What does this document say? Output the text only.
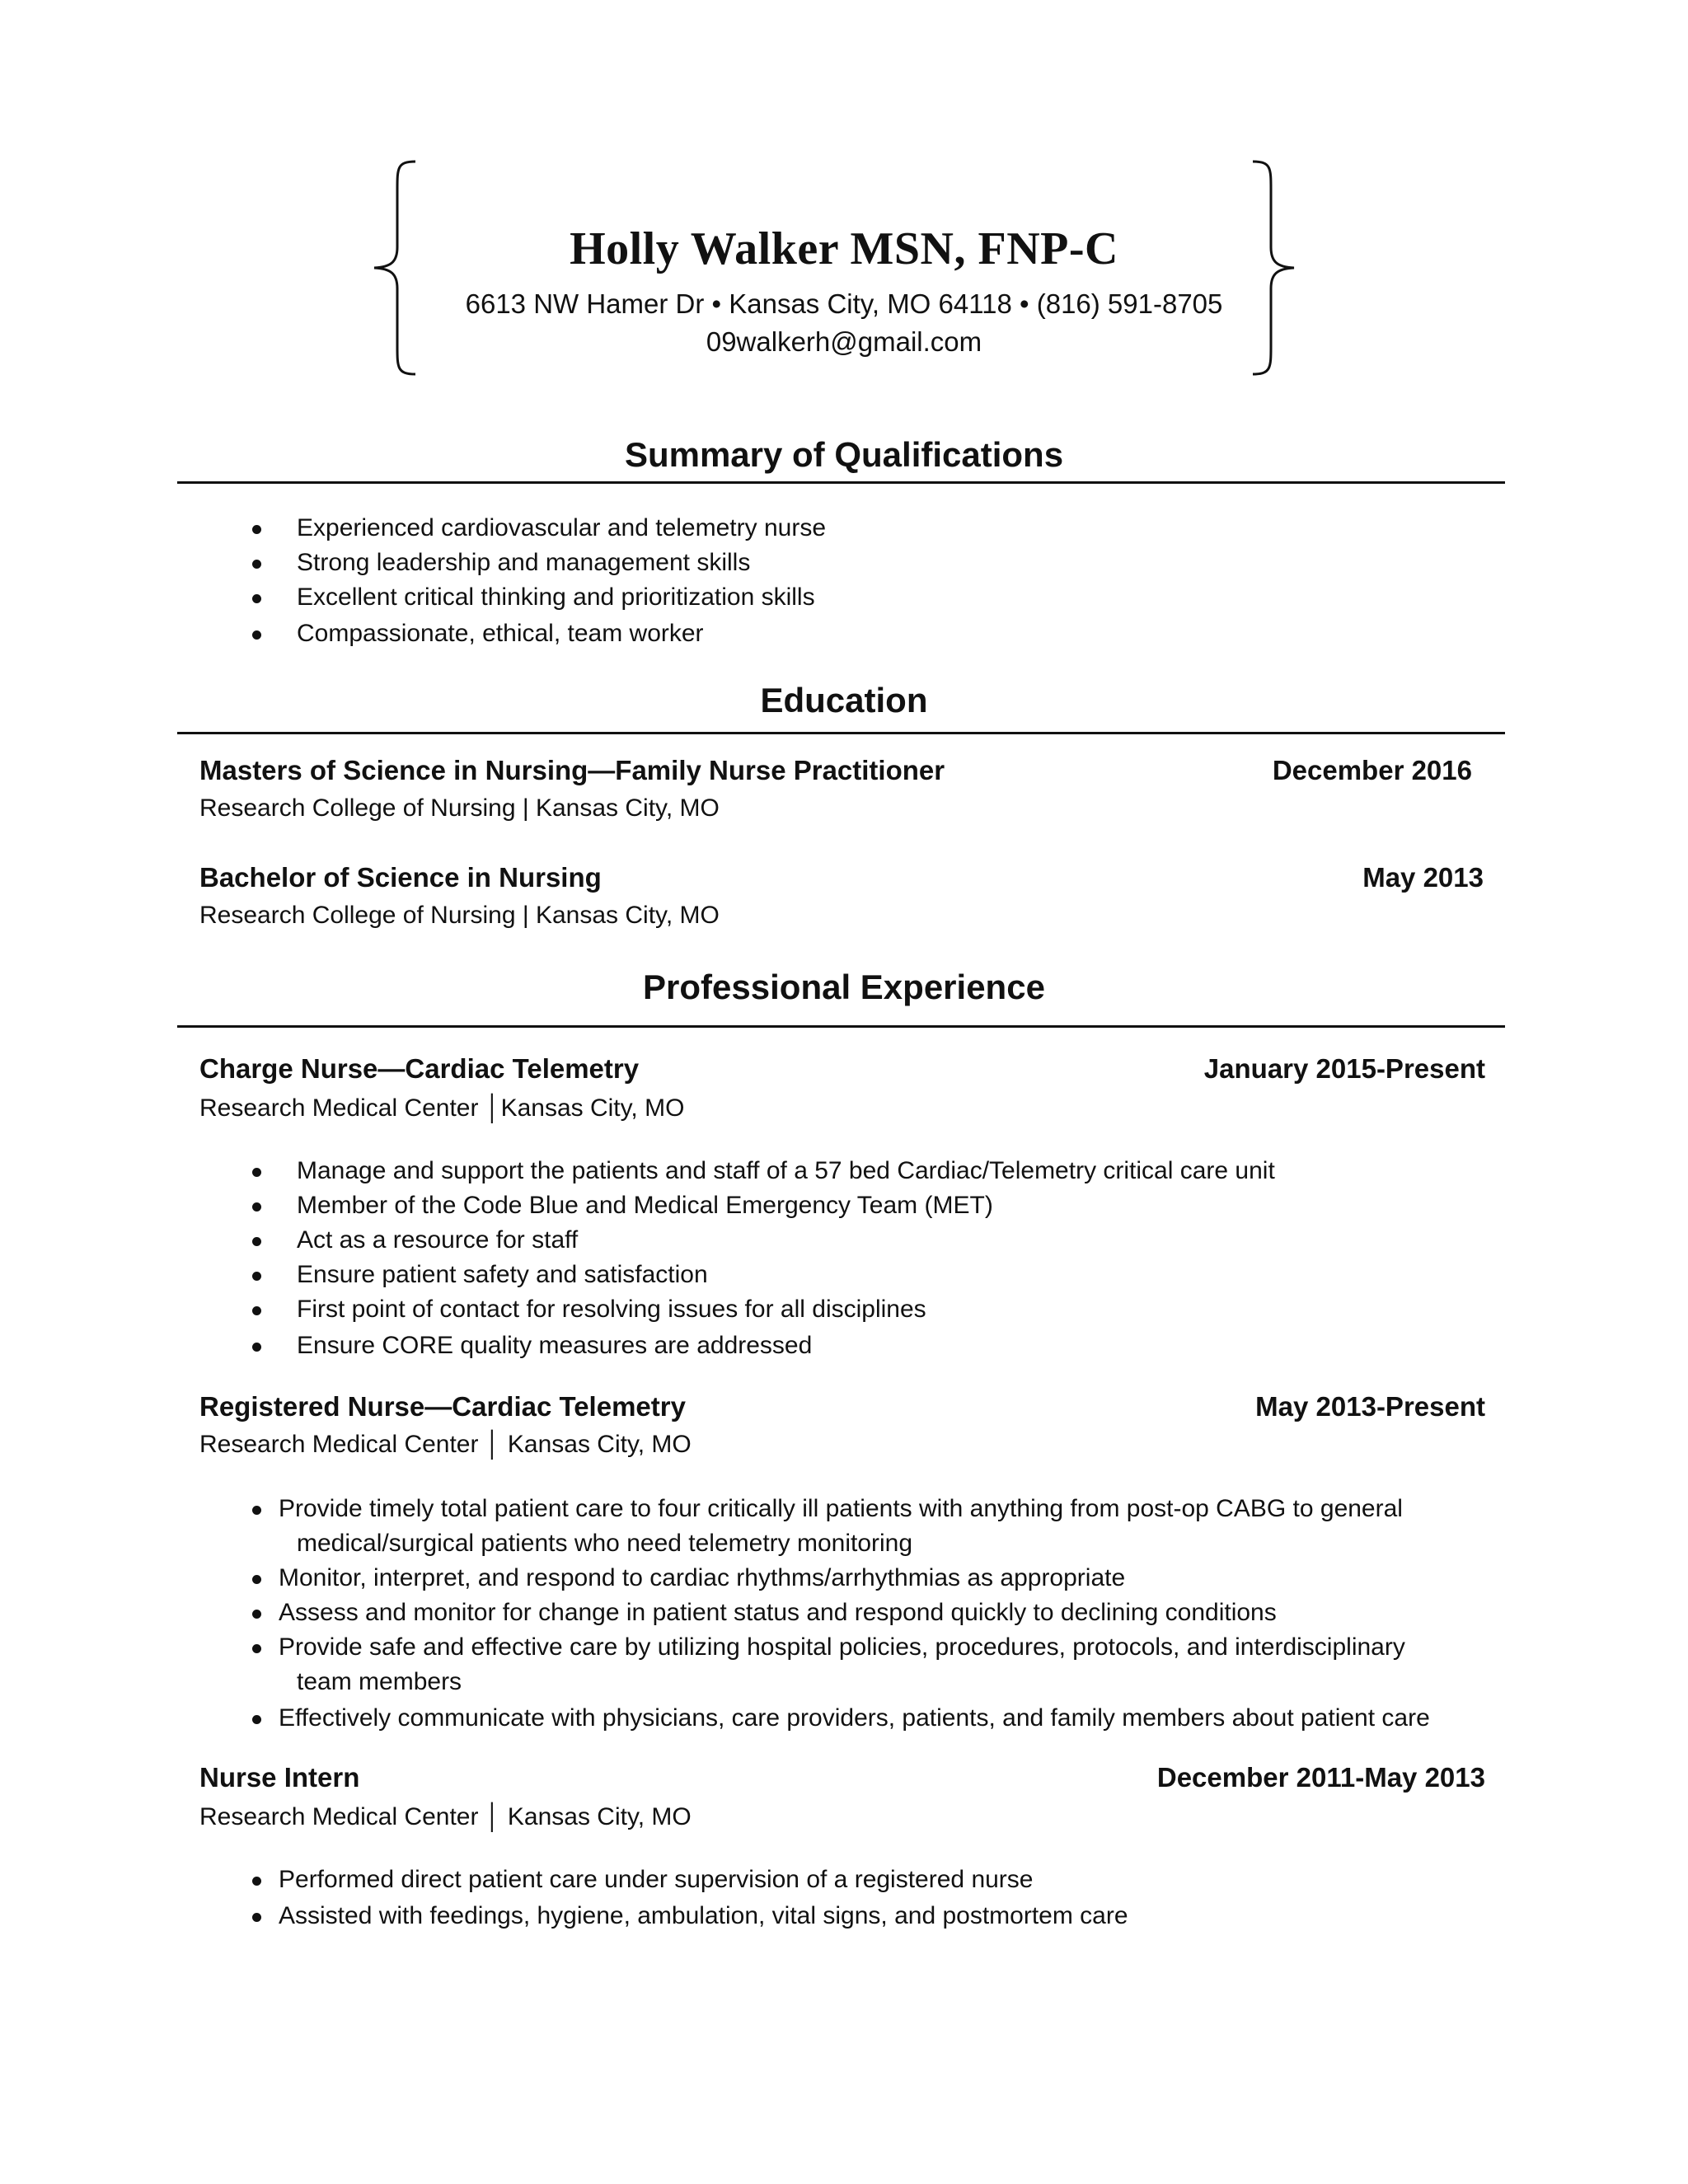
Holly Walker MSN, FNP-C
6613 NW Hamer Dr • Kansas City, MO 64118 • (816) 591-8705
09walkerh@gmail.com
Summary of Qualifications
Experienced cardiovascular and telemetry nurse
Strong leadership and management skills
Excellent critical thinking and prioritization skills
Compassionate, ethical, team worker
Education
Masters of Science in Nursing—Family Nurse Practitioner	December 2016
Research College of Nursing | Kansas City, MO
Bachelor of Science in Nursing	May 2013
Research College of Nursing | Kansas City, MO
Professional Experience
Charge Nurse—Cardiac Telemetry	January 2015-Present
Research Medical Center │Kansas City, MO
Manage and support the patients and staff of a 57 bed Cardiac/Telemetry critical care unit
Member of the Code Blue and Medical Emergency Team (MET)
Act as a resource for staff
Ensure patient safety and satisfaction
First point of contact for resolving issues for all disciplines
Ensure CORE quality measures are addressed
Registered Nurse—Cardiac Telemetry	May 2013-Present
Research Medical Center │ Kansas City, MO
Provide timely total patient care to four critically ill patients with anything from post-op CABG to general
medical/surgical patients who need telemetry monitoring
Monitor, interpret, and respond to cardiac rhythms/arrhythmias as appropriate
Assess and monitor for change in patient status and respond quickly to declining conditions
Provide safe and effective care by utilizing hospital policies, procedures, protocols, and interdisciplinary
team members
Effectively communicate with physicians, care providers, patients, and family members about patient care
Nurse Intern	December 2011-May 2013
Research Medical Center │ Kansas City, MO
Performed direct patient care under supervision of a registered nurse
Assisted with feedings, hygiene, ambulation, vital signs, and postmortem care
